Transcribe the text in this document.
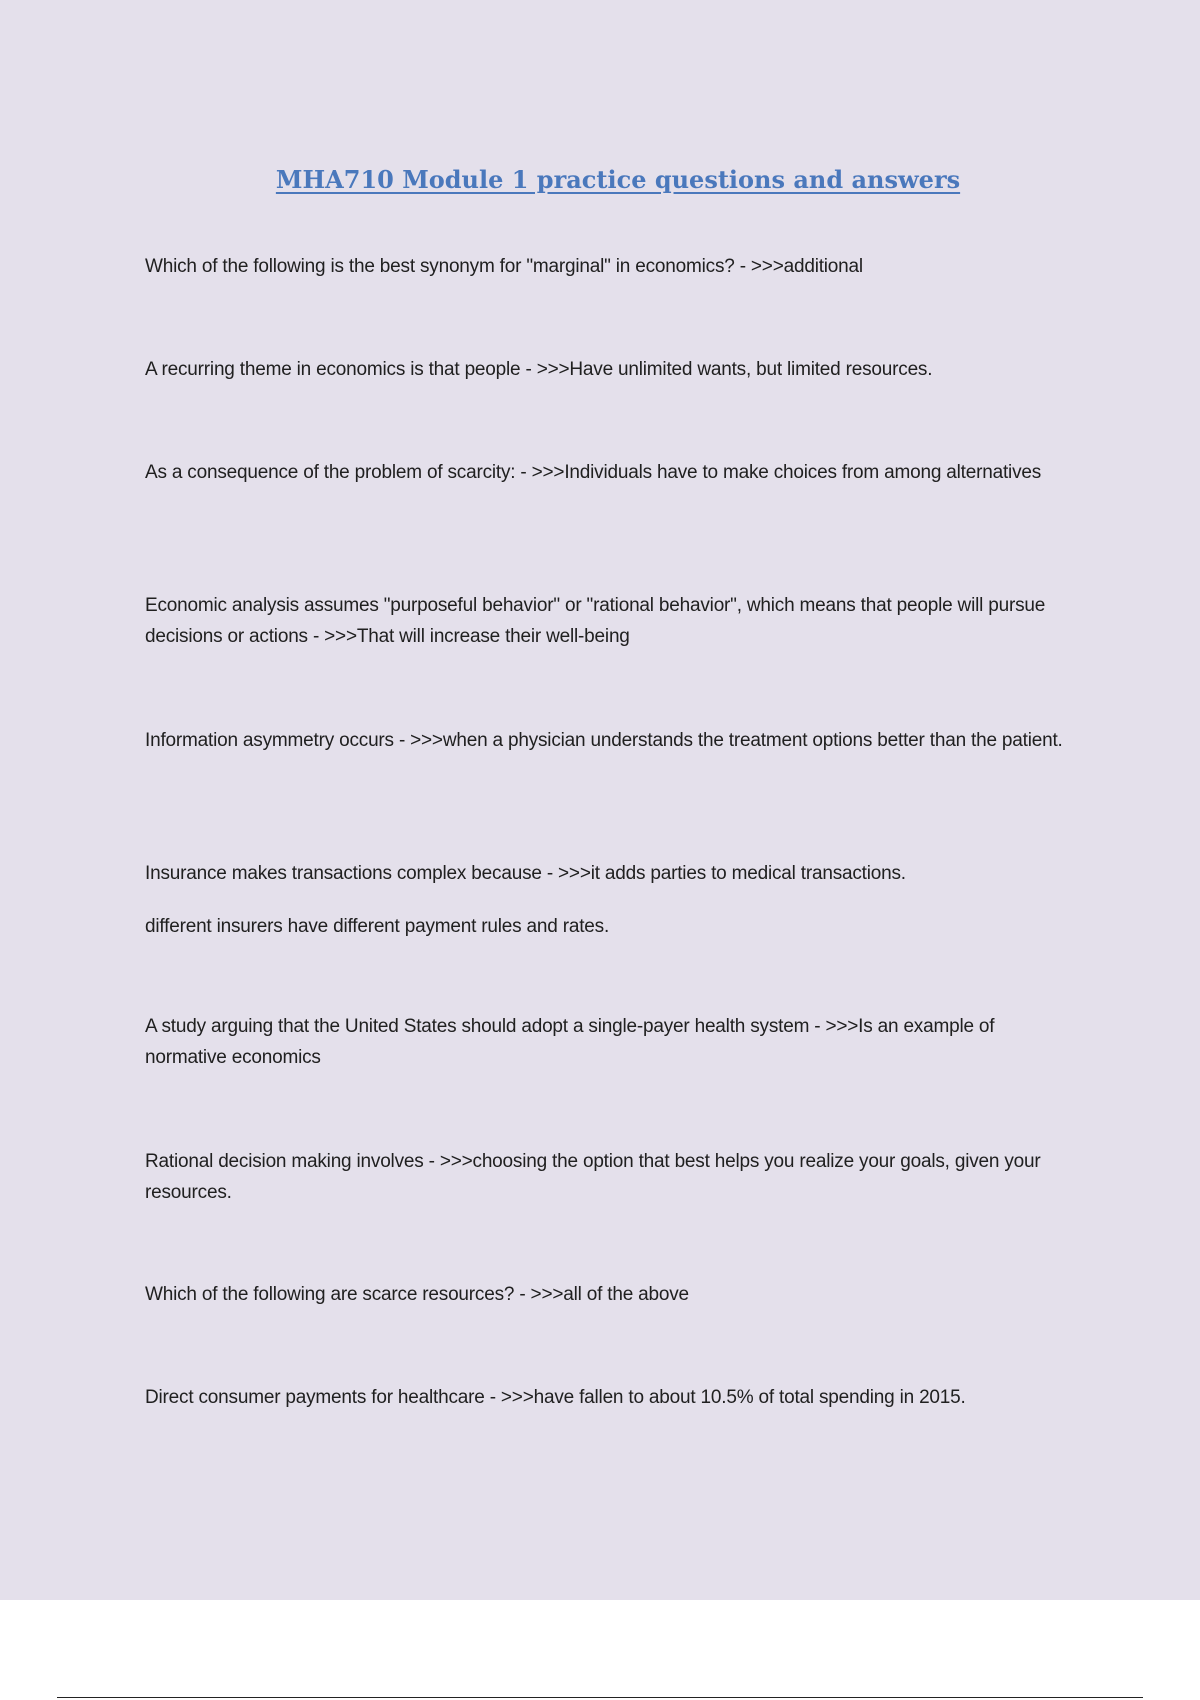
MHA710 Module 1 practice questions and answers

Which of the following is the best synonym for "marginal" in economics? - >>>additional

A recurring theme in economics is that people - >>>Have unlimited wants, but limited resources.

As a consequence of the problem of scarcity: - >>>Individuals have to make choices from among alternatives

Economic analysis assumes "purposeful behavior" or "rational behavior", which means that people will pursue decisions or actions - >>>That will increase their well-being

Information asymmetry occurs - >>>when a physician understands the treatment options better than the patient.

Insurance makes transactions complex because - >>>it adds parties to medical transactions.

different insurers have different payment rules and rates.

A study arguing that the United States should adopt a single-payer health system - >>>Is an example of normative economics

Rational decision making involves - >>>choosing the option that best helps you realize your goals, given your resources.

Which of the following are scarce resources? - >>>all of the above

Direct consumer payments for healthcare - >>>have fallen to about 10.5% of total spending in 2015.
